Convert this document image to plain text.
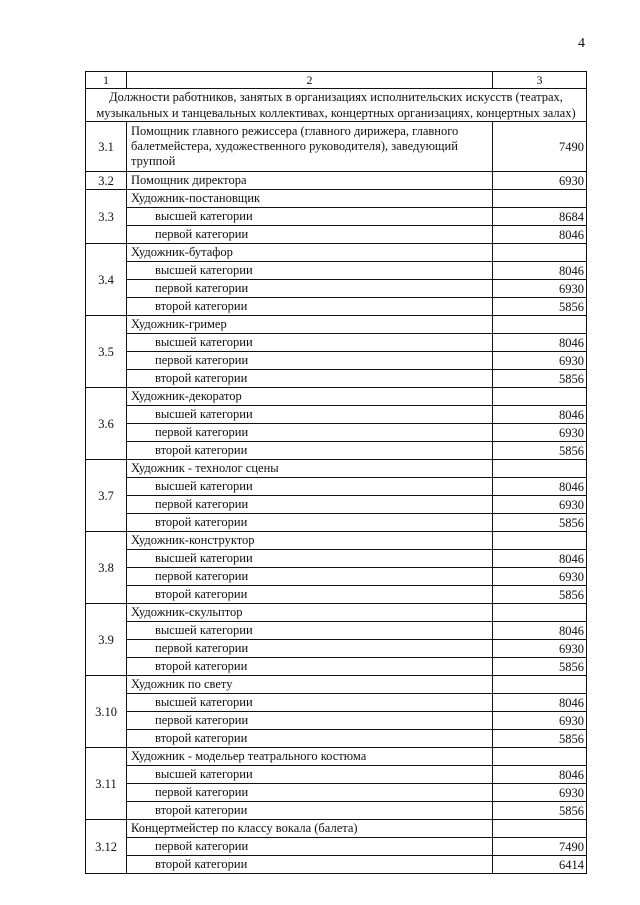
4
1	2	3
Должности работников, занятых в организациях исполнительских искусств (театрах, музыкальных и танцевальных коллективах, концертных организациях, концертных залах)		
3.1	Помощник главного режиссера (главного дирижера, главного балетмейстера, художественного руководителя), заведующий труппой	7490
3.2	Помощник директора	6930
3.3	Художник-постановщик	
	высшей категории	8684
	первой категории	8046
3.4	Художник-бутафор	
	высшей категории	8046
	первой категории	6930
	второй категории	5856
3.5	Художник-гример	
	высшей категории	8046
	первой категории	6930
	второй категории	5856
3.6	Художник-декоратор	
	высшей категории	8046
	первой категории	6930
	второй категории	5856
3.7	Художник - технолог сцены	
	высшей категории	8046
	первой категории	6930
	второй категории	5856
3.8	Художник-конструктор	
	высшей категории	8046
	первой категории	6930
	второй категории	5856
3.9	Художник-скульптор	
	высшей категории	8046
	первой категории	6930
	второй категории	5856
3.10	Художник по свету	
	высшей категории	8046
	первой категории	6930
	второй категории	5856
3.11	Художник - модельер театрального костюма	
	высшей категории	8046
	первой категории	6930
	второй категории	5856
3.12	Концертмейстер по классу вокала (балета)	
	первой категории	7490
	второй категории	6414
